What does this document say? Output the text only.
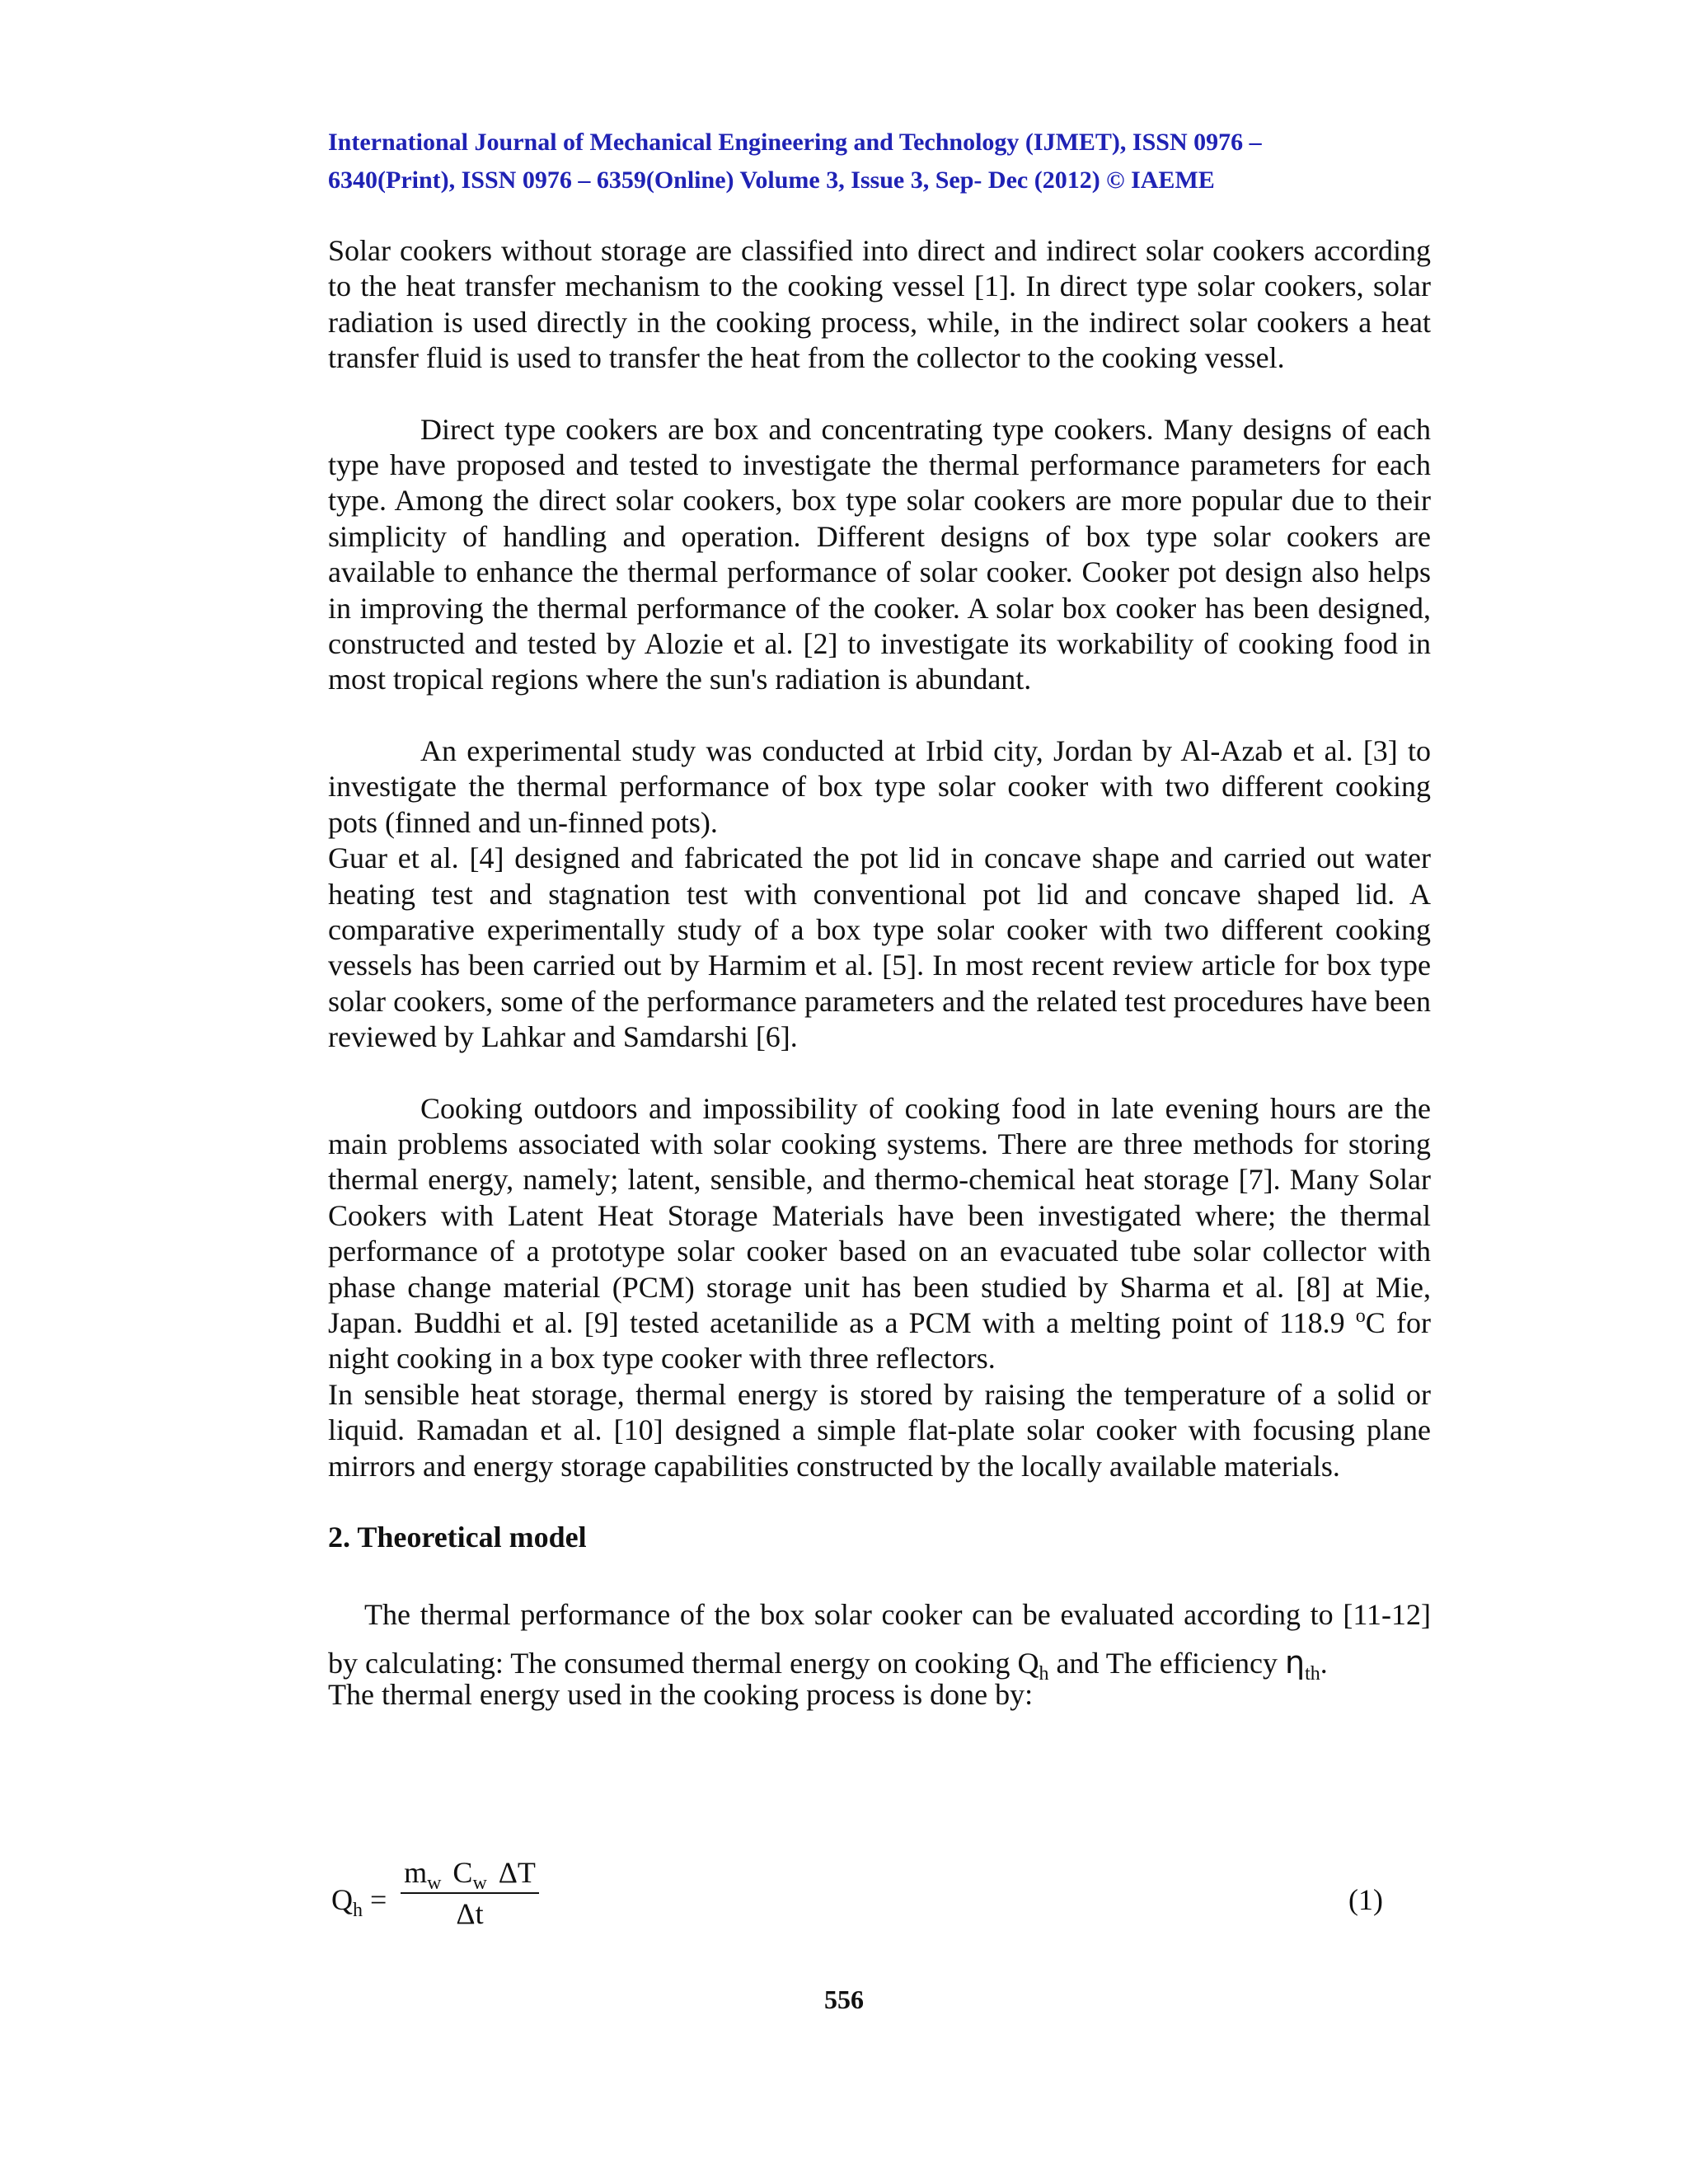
International Journal of Mechanical Engineering and Technology (IJMET), ISSN 0976 –
6340(Print), ISSN 0976 – 6359(Online) Volume 3, Issue 3, Sep- Dec (2012) © IAEME

Solar cookers without storage are classified into direct and indirect solar cookers according to the heat transfer mechanism to the cooking vessel [1]. In direct type solar cookers, solar radiation is used directly in the cooking process, while, in the indirect solar cookers a heat transfer fluid is used to transfer the heat from the collector to the cooking vessel.

Direct type cookers are box and concentrating type cookers. Many designs of each type have proposed and tested to investigate the thermal performance parameters for each type. Among the direct solar cookers, box type solar cookers are more popular due to their simplicity of handling and operation. Different designs of box type solar cookers are available to enhance the thermal performance of solar cooker. Cooker pot design also helps in improving the thermal performance of the cooker. A solar box cooker has been designed, constructed and tested by Alozie et al. [2] to investigate its workability of cooking food in most tropical regions where the sun's radiation is abundant.

An experimental study was conducted at Irbid city, Jordan by Al-Azab et al. [3] to investigate the thermal performance of box type solar cooker with two different cooking pots (finned and un-finned pots).

Guar et al. [4] designed and fabricated the pot lid in concave shape and carried out water heating test and stagnation test with conventional pot lid and concave shaped lid. A comparative experimentally study of a box type solar cooker with two different cooking vessels has been carried out by Harmim et al. [5]. In most recent review article for box type solar cookers, some of the performance parameters and the related test procedures have been reviewed by Lahkar and Samdarshi [6].

Cooking outdoors and impossibility of cooking food in late evening hours are the main problems associated with solar cooking systems. There are three methods for storing thermal energy, namely; latent, sensible, and thermo-chemical heat storage [7]. Many Solar Cookers with Latent Heat Storage Materials have been investigated where; the thermal performance of a prototype solar cooker based on an evacuated tube solar collector with phase change material (PCM) storage unit has been studied by Sharma et al. [8] at Mie, Japan. Buddhi et al. [9] tested acetanilide as a PCM with a melting point of 118.9 $^o$C for night cooking in a box type cooker with three reflectors.

In sensible heat storage, thermal energy is stored by raising the temperature of a solid or liquid. Ramadan et al. [10] designed a simple flat-plate solar cooker with focusing plane mirrors and energy storage capabilities constructed by the locally available materials.

2. Theoretical model

The thermal performance of the box solar cooker can be evaluated according to [11-12] by calculating: The consumed thermal energy on cooking $Q_h$ and The efficiency $\eta_{th}$.

The thermal energy used in the cooking process is done by:

$Q_h$ =
$m_w$ $C_w$ ΔT
Δt	(1)
556
